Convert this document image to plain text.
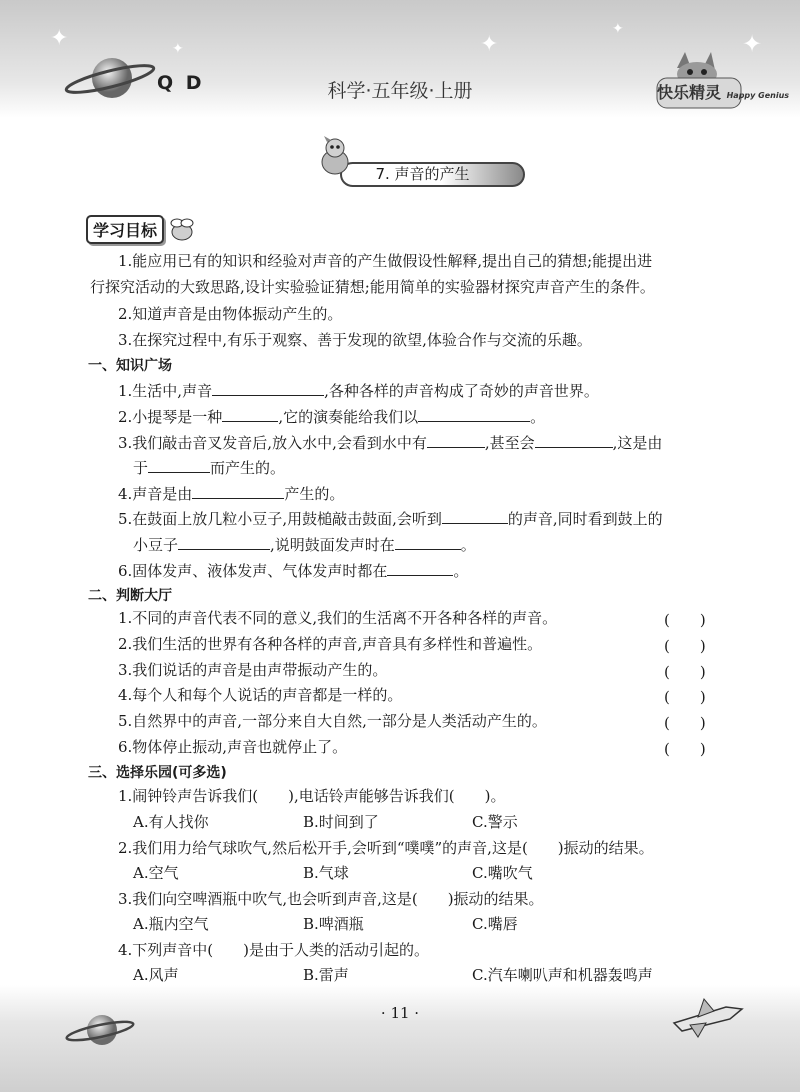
✦	✦	✦
✦
✦
Q D	科学·五年级·上册	快乐精灵 Happy Genius
7. 声音的产生
学习目标
1.能应用已有的知识和经验对声音的产生做假设性解释,提出自己的猜想;能提出进
行探究活动的大致思路,设计实验验证猜想;能用简单的实验器材探究声音产生的条件。
2.知道声音是由物体振动产生的。
3.在探究过程中,有乐于观察、善于发现的欲望,体验合作与交流的乐趣。
一、知识广场
1.生活中,声音	,各种各样的声音构成了奇妙的声音世界。
2.小提琴是一种	,它的演奏能给我们以	。
3.我们敲击音叉发音后,放入水中,会看到水中有	,甚至会	,这是由
于	而产生的。
4.声音是由	产生的。
5.在鼓面上放几粒小豆子,用鼓槌敲击鼓面,会听到	的声音,同时看到鼓上的
小豆子	,说明鼓面发声时在	。
6.固体发声、液体发声、气体发声时都在	。
二、判断大厅
1.不同的声音代表不同的意义,我们的生活离不开各种各样的声音。	(　　)
2.我们生活的世界有各种各样的声音,声音具有多样性和普遍性。	(　　)
3.我们说话的声音是由声带振动产生的。	(　　)
4.每个人和每个人说话的声音都是一样的。	(　　)
5.自然界中的声音,一部分来自大自然,一部分是人类活动产生的。	(　　)
6.物体停止振动,声音也就停止了。	(　　)
三、选择乐园(可多选)
1.闹钟铃声告诉我们(　　),电话铃声能够告诉我们(　　)。
A.有人找你	B.时间到了	C.警示
2.我们用力给气球吹气,然后松开手,会听到“噗噗”的声音,这是(　　)振动的结果。
A.空气	B.气球	C.嘴吹气
3.我们向空啤酒瓶中吹气,也会听到声音,这是(　　)振动的结果。
A.瓶内空气	B.啤酒瓶	C.嘴唇
4.下列声音中(　　)是由于人类的活动引起的。
A.风声	B.雷声	C.汽车喇叭声和机器轰鸣声
· 11 ·
